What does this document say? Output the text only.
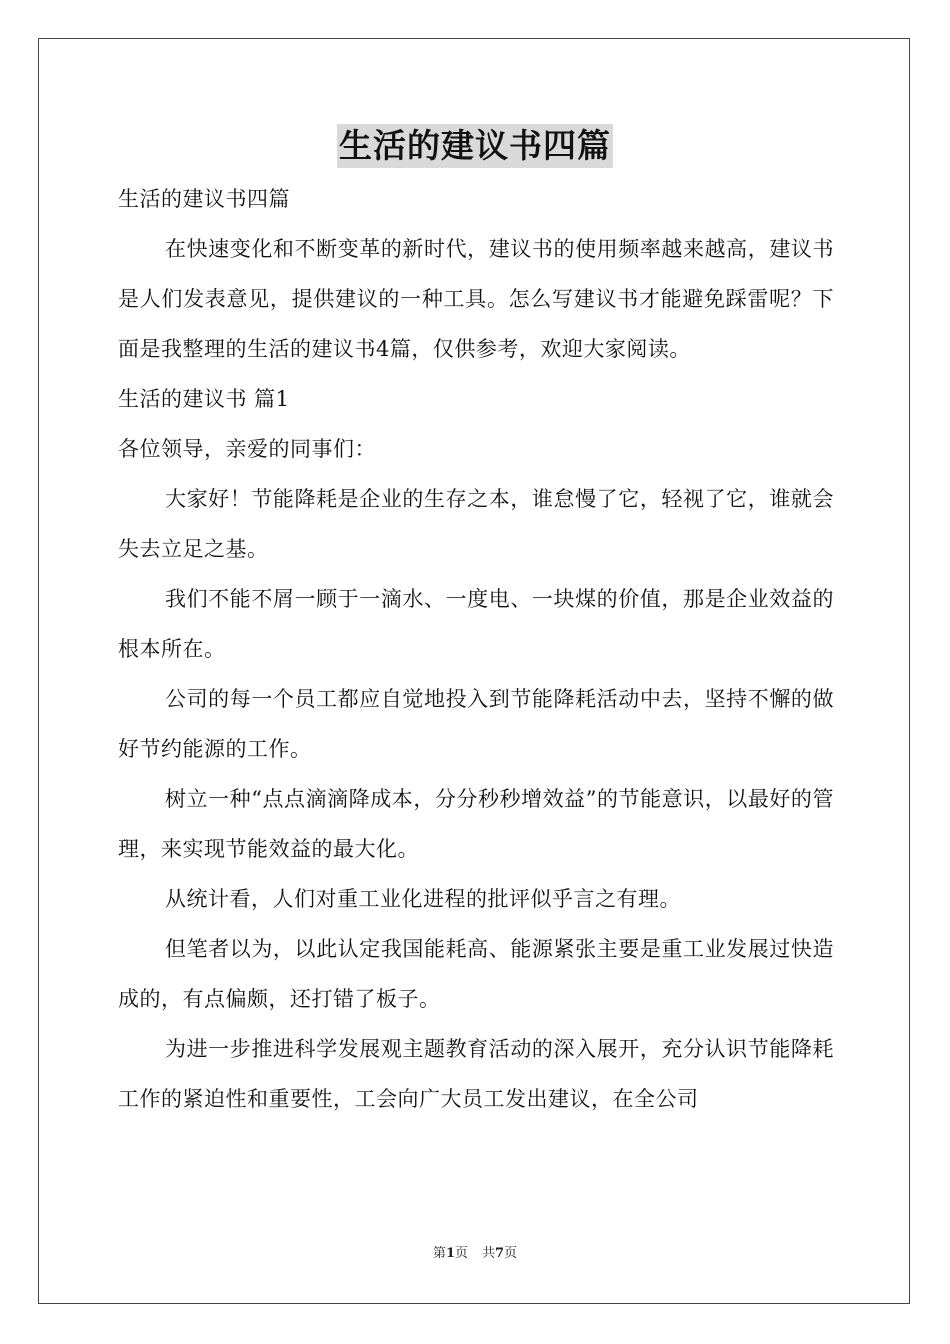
生活的建议书四篇

生活的建议书四篇

在快速变化和不断变革的新时代，建议书的使用频率越来越高，建议书是人们发表意见，提供建议的一种工具。怎么写建议书才能避免踩雷呢？下面是我整理的生活的建议书4篇，仅供参考，欢迎大家阅读。

生活的建议书 篇1

各位领导，亲爱的同事们：

大家好！节能降耗是企业的生存之本，谁怠慢了它，轻视了它，谁就会失去立足之基。

我们不能不屑一顾于一滴水、一度电、一块煤的价值，那是企业效益的根本所在。

公司的每一个员工都应自觉地投入到节能降耗活动中去，坚持不懈的做好节约能源的工作。

树立一种“点点滴滴降成本，分分秒秒增效益”的节能意识，以最好的管理，来实现节能效益的最大化。

从统计看，人们对重工业化进程的批评似乎言之有理。

但笔者以为，以此认定我国能耗高、能源紧张主要是重工业发展过快造成的，有点偏颇，还打错了板子。

为进一步推进科学发展观主题教育活动的深入展开，充分认识节能降耗工作的紧迫性和重要性，工会向广大员工发出建议，在全公司

第1页 共7页
